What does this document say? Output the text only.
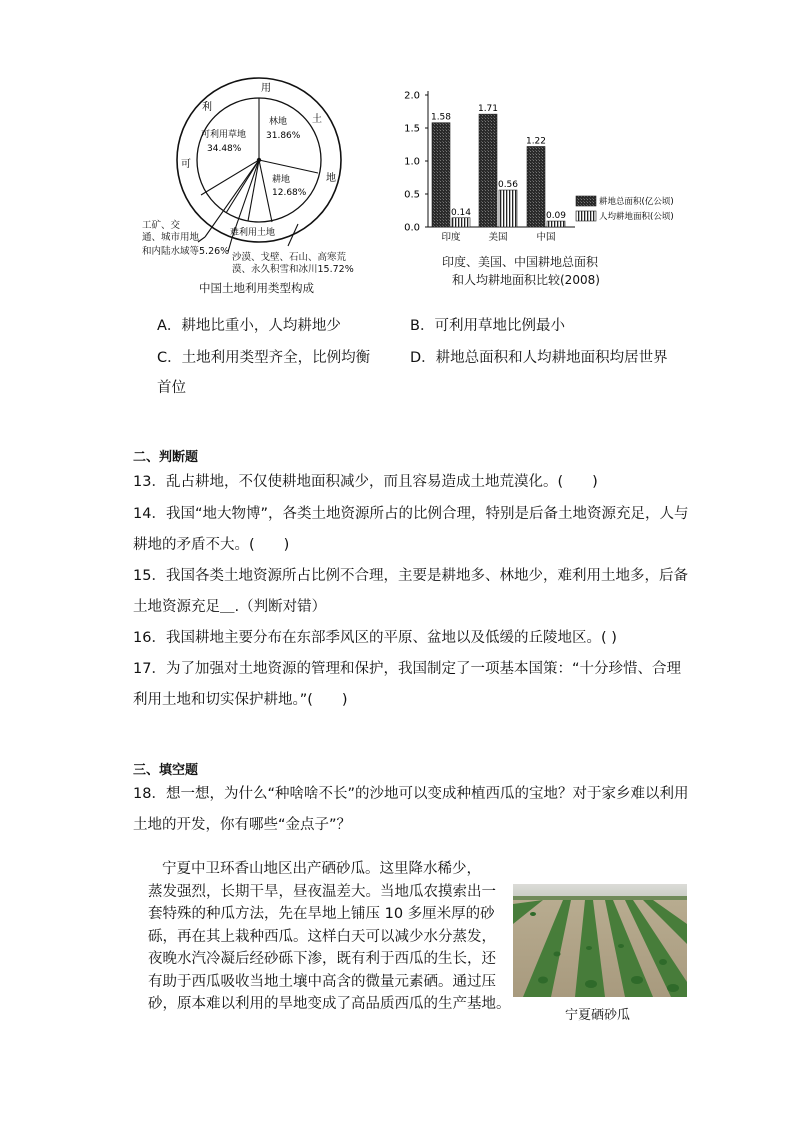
可
利
用
土
地
林地
31.86%
可利用草地
34.48%
耕地
12.68%
难利用土地
工矿、交
通、城市用地
和内陆水域等5.26%
沙漠、戈壁、石山、高寒荒
漠、永久积雪和冰川15.72%
中国土地利用类型构成
2.0
1.5
1.0
0.5
0.0
1.58
0.14
印度
1.71
0.56
美国
1.22
0.09
中国
耕地总面积(亿公顷)
人均耕地面积(公顷)
印度、美国、中国耕地总面积
和人均耕地面积比较(2008)
A．耕地比重小，人均耕地少	B．可利用草地比例最小
C．土地利用类型齐全，比例均衡	D．耕地总面积和人均耕地面积均居世界
首位
二、判断题
13．乱占耕地，不仅使耕地面积减少，而且容易造成土地荒漠化。(　　)
14．我国“地大物博”，各类土地资源所占的比例合理，特别是后备土地资源充足，人与
耕地的矛盾不大。(　　)
15．我国各类土地资源所占比例不合理，主要是耕地多、林地少，难利用土地多，后备
土地资源充足＿.（判断对错）
16．我国耕地主要分布在东部季风区的平原、盆地以及低缓的丘陵地区。( )
17．为了加强对土地资源的管理和保护，我国制定了一项基本国策：“十分珍惜、合理
利用土地和切实保护耕地。”(　　)
三、填空题
18．想一想，为什么“种啥啥不长”的沙地可以变成种植西瓜的宝地？对于家乡难以利用
土地的开发，你有哪些“金点子”？
宁夏中卫环香山地区出产硒砂瓜。这里降水稀少，
蒸发强烈，长期干旱，昼夜温差大。当地瓜农摸索出一
套特殊的种瓜方法，先在旱地上铺压 10 多厘米厚的砂
砾，再在其上栽种西瓜。这样白天可以减少水分蒸发，
夜晚水汽冷凝后经砂砾下渗，既有利于西瓜的生长，还
有助于西瓜吸收当地土壤中高含的微量元素硒。通过压
砂，原本难以利用的旱地变成了高品质西瓜的生产基地。
宁夏硒砂瓜
